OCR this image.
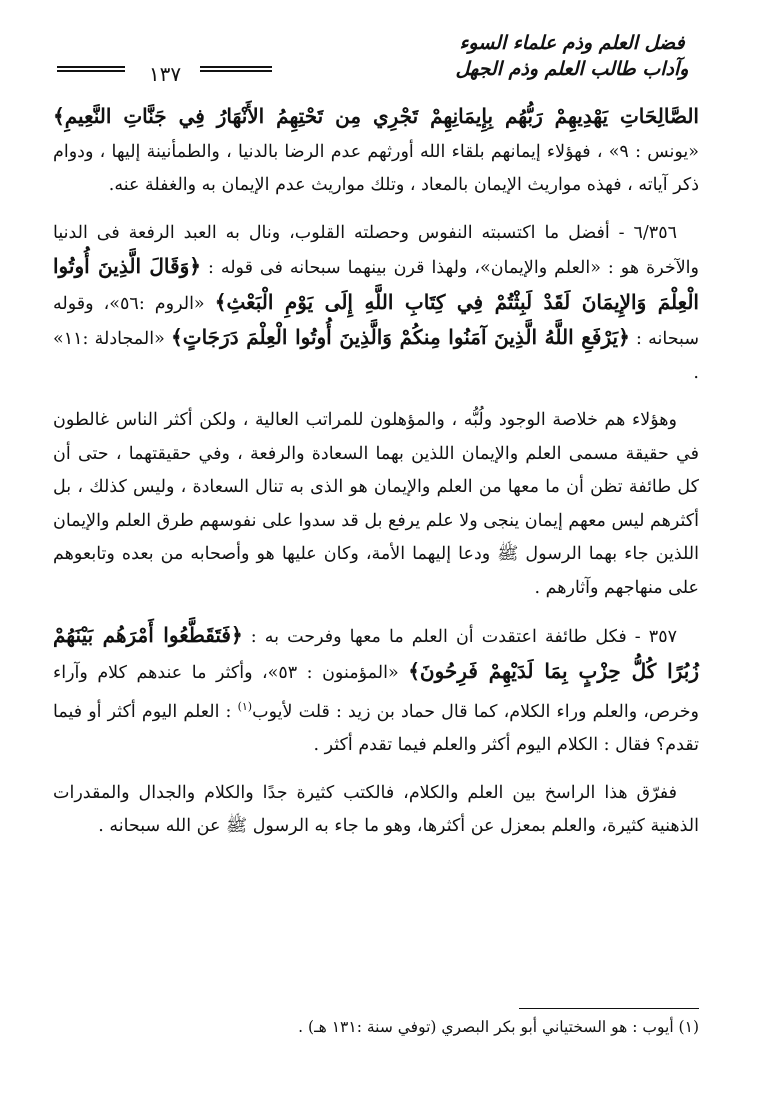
فضل العلم وذم علماء السوء
وآداب طالب العلم وذم الجهل
١٣٧

الصَّالِحَاتِ يَهْدِيهِمْ رَبُّهُم بِإِيمَانِهِمْ تَجْرِي مِن تَحْتِهِمُ الأَنْهَارُ فِي جَنَّاتِ النَّعِيمِ﴾ «يونس : ٩» ، فهؤلاء إيمانهم بلقاء الله أورثهم عدم الرضا بالدنيا ، والطمأنينة إليها ، ودوام ذكر آياته ، فهذه مواريث الإيمان بالمعاد ، وتلك مواريث عدم الإيمان به والغفلة عنه.

٦/٣٥٦ - أفضل ما اكتسبته النفوس وحصلته القلوب، ونال به العبد الرفعة فى الدنيا والآخرة هو : «العلم والإيمان»، ولهذا قرن بينهما سبحانه فى قوله : ﴿وَقَالَ الَّذِينَ أُوتُوا الْعِلْمَ وَالإِيمَانَ لَقَدْ لَبِثْتُمْ فِي كِتَابِ اللَّهِ إِلَى يَوْمِ الْبَعْثِ﴾ «الروم :٥٦»، وقوله سبحانه : ﴿يَرْفَعِ اللَّهُ الَّذِينَ آمَنُوا مِنكُمْ وَالَّذِينَ أُوتُوا الْعِلْمَ دَرَجَاتٍ﴾ «المجادلة :١١» .

وهؤلاء هم خلاصة الوجود ولُبُّه ، والمؤهلون للمراتب العالية ، ولكن أكثر الناس غالطون في حقيقة مسمى العلم والإيمان اللذين بهما السعادة والرفعة ، وفي حقيقتهما ، حتى أن كل طائفة تظن أن ما معها من العلم والإيمان هو الذى به تنال السعادة ، وليس كذلك ، بل أكثرهم ليس معهم إيمان ينجى ولا علم يرفع بل قد سدوا على نفوسهم طرق العلم والإيمان اللذين جاء بهما الرسول ﷺ ودعا إليهما الأمة، وكان عليها هو وأصحابه من بعده وتابعوهم على منهاجهم وآثارهم .

٣٥٧ - فكل طائفة اعتقدت أن العلم ما معها وفرحت به : ﴿فَتَقَطَّعُوا أَمْرَهُم بَيْنَهُمْ زُبُرًا كُلُّ حِزْبٍ بِمَا لَدَيْهِمْ فَرِحُونَ﴾ «المؤمنون : ٥٣»، وأكثر ما عندهم كلام وآراء وخرص، والعلم وراء الكلام، كما قال حماد بن زيد : قلت لأيوب$^{(١)}$ : العلم اليوم أكثر أو فيما تقدم؟ فقال : الكلام اليوم أكثر والعلم فيما تقدم أكثر .

ففرّق هذا الراسخ بين العلم والكلام، فالكتب كثيرة جدًا والكلام والجدال والمقدرات الذهنية كثيرة، والعلم بمعزل عن أكثرها، وهو ما جاء به الرسول ﷺ عن الله سبحانه .

(١) أيوب : هو السختياني أبو بكر البصري (توفي سنة :١٣١ هـ) .
